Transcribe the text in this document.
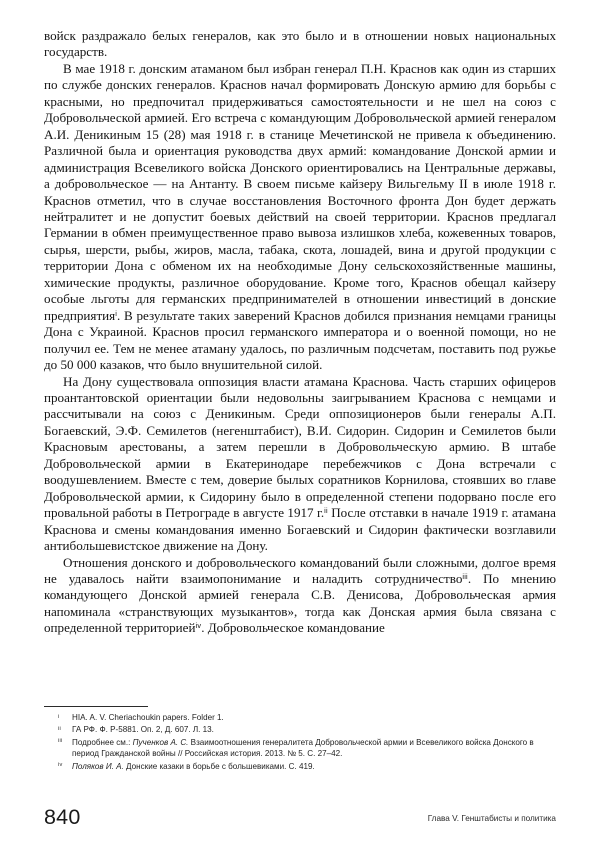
войск раздражало белых генералов, как это было и в отношении новых национальных государств.

В мае 1918 г. донским атаманом был избран генерал П.Н. Краснов как один из старших по службе донских генералов. Краснов начал формировать Донскую армию для борьбы с красными, но предпочитал придерживаться самостоятельности и не шел на союз с Добровольческой армией. Его встреча с командующим Добровольческой армией генералом А.И. Деникиным 15 (28) мая 1918 г. в станице Мечетинской не привела к объединению. Различной была и ориентация руководства двух армий: командование Донской армии и администрация Всевеликого войска Донского ориентировались на Центральные державы, а добровольческое — на Антанту. В своем письме кайзеру Вильгельму II в июле 1918 г. Краснов отметил, что в случае восстановления Восточного фронта Дон будет держать нейтралитет и не допустит боевых действий на своей территории. Краснов предлагал Германии в обмен преимущественное право вывоза излишков хлеба, кожевенных товаров, сырья, шерсти, рыбы, жиров, масла, табака, скота, лошадей, вина и другой продукции с территории Дона с обменом их на необходимые Дону сельскохозяйственные машины, химические продукты, различное оборудование. Кроме того, Краснов обещал кайзеру особые льготы для германских предпринимателей в отношении инвестиций в донские предприятия$^i$. В результате таких заверений Краснов добился признания немцами границы Дона с Украиной. Краснов просил германского императора и о военной помощи, но не получил ее. Тем не менее атаману удалось, по различным подсчетам, поставить под ружье до 50 000 казаков, что было внушительной силой.

На Дону существовала оппозиция власти атамана Краснова. Часть старших офицеров проантантовской ориентации были недовольны заигрыванием Краснова с немцами и рассчитывали на союз с Деникиным. Среди оппозиционеров были генералы А.П. Богаевский, Э.Ф. Семилетов (негенштабист), В.И. Сидорин. Сидорин и Семилетов были Красновым арестованы, а затем перешли в Добровольческую армию. В штабе Добровольческой армии в Екатеринодаре перебежчиков с Дона встречали с воодушевлением. Вместе с тем, доверие былых соратников Корнилова, стоявших во главе Добровольческой армии, к Сидорину было в определенной степени подорвано после его провальной работы в Петрограде в августе 1917 г.$^{ii}$ После отставки в начале 1919 г. атамана Краснова и смены командования именно Богаевский и Сидорин фактически возглавили антибольшевистское движение на Дону.

Отношения донского и добровольческого командований были сложными, долгое время не удавалось найти взаимопонимание и наладить сотрудничество$^{iii}$. По мнению командующего Донской армией генерала С.В. Денисова, Добровольческая армия напоминала «странствующих музыкантов», тогда как Донская армия была связана с определенной территорией$^{iv}$. Добровольческое командование

i HIA. A. V. Cheriachoukin papers. Folder 1.
ii ГА РФ. Ф. Р-5881. Оп. 2, Д. 607. Л. 13.
iii Подробнее см.: Пученков А. С. Взаимоотношения генералитета Добровольческой армии и Всевеликого войска Донского в период Гражданской войны // Российская история. 2013. № 5. С. 27–42.
iv Поляков И. А. Донские казаки в борьбе с большевиками. С. 419.
840	Глава V. Генштабисты и политика
